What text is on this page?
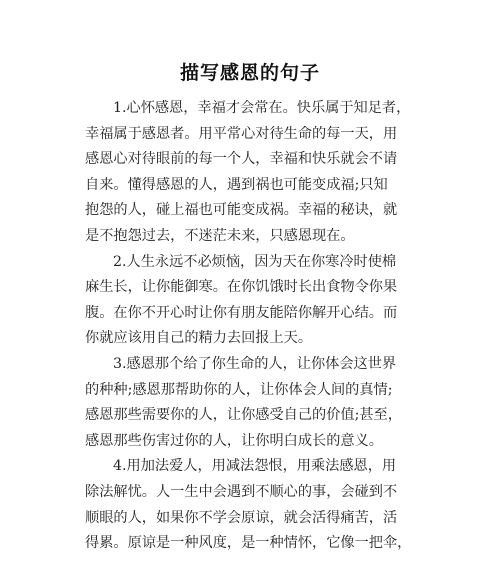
描写感恩的句子
1.心怀感恩，幸福才会常在。快乐属于知足者，
幸福属于感恩者。用平常心对待生命的每一天，用
感恩心对待眼前的每一个人，幸福和快乐就会不请
自来。懂得感恩的人，遇到祸也可能变成福;只知
抱怨的人，碰上福也可能变成祸。幸福的秘诀，就
是不抱怨过去，不迷茫未来，只感恩现在。
2.人生永远不必烦恼，因为天在你寒冷时使棉
麻生长，让你能御寒。在你饥饿时长出食物令你果
腹。在你不开心时让你有朋友能陪你解开心结。而
你就应该用自己的精力去回报上天。
3.感恩那个给了你生命的人，让你体会这世界
的种种;感恩那帮助你的人，让你体会人间的真情;
感恩那些需要你的人，让你感受自己的价值;甚至，
感恩那些伤害过你的人，让你明白成长的意义。
4.用加法爱人，用减法怨恨，用乘法感恩，用
除法解忧。人一生中会遇到不顺心的事，会碰到不
顺眼的人，如果你不学会原谅，就会活得痛苦，活
得累。原谅是一种风度，是一种情怀，它像一把伞，
